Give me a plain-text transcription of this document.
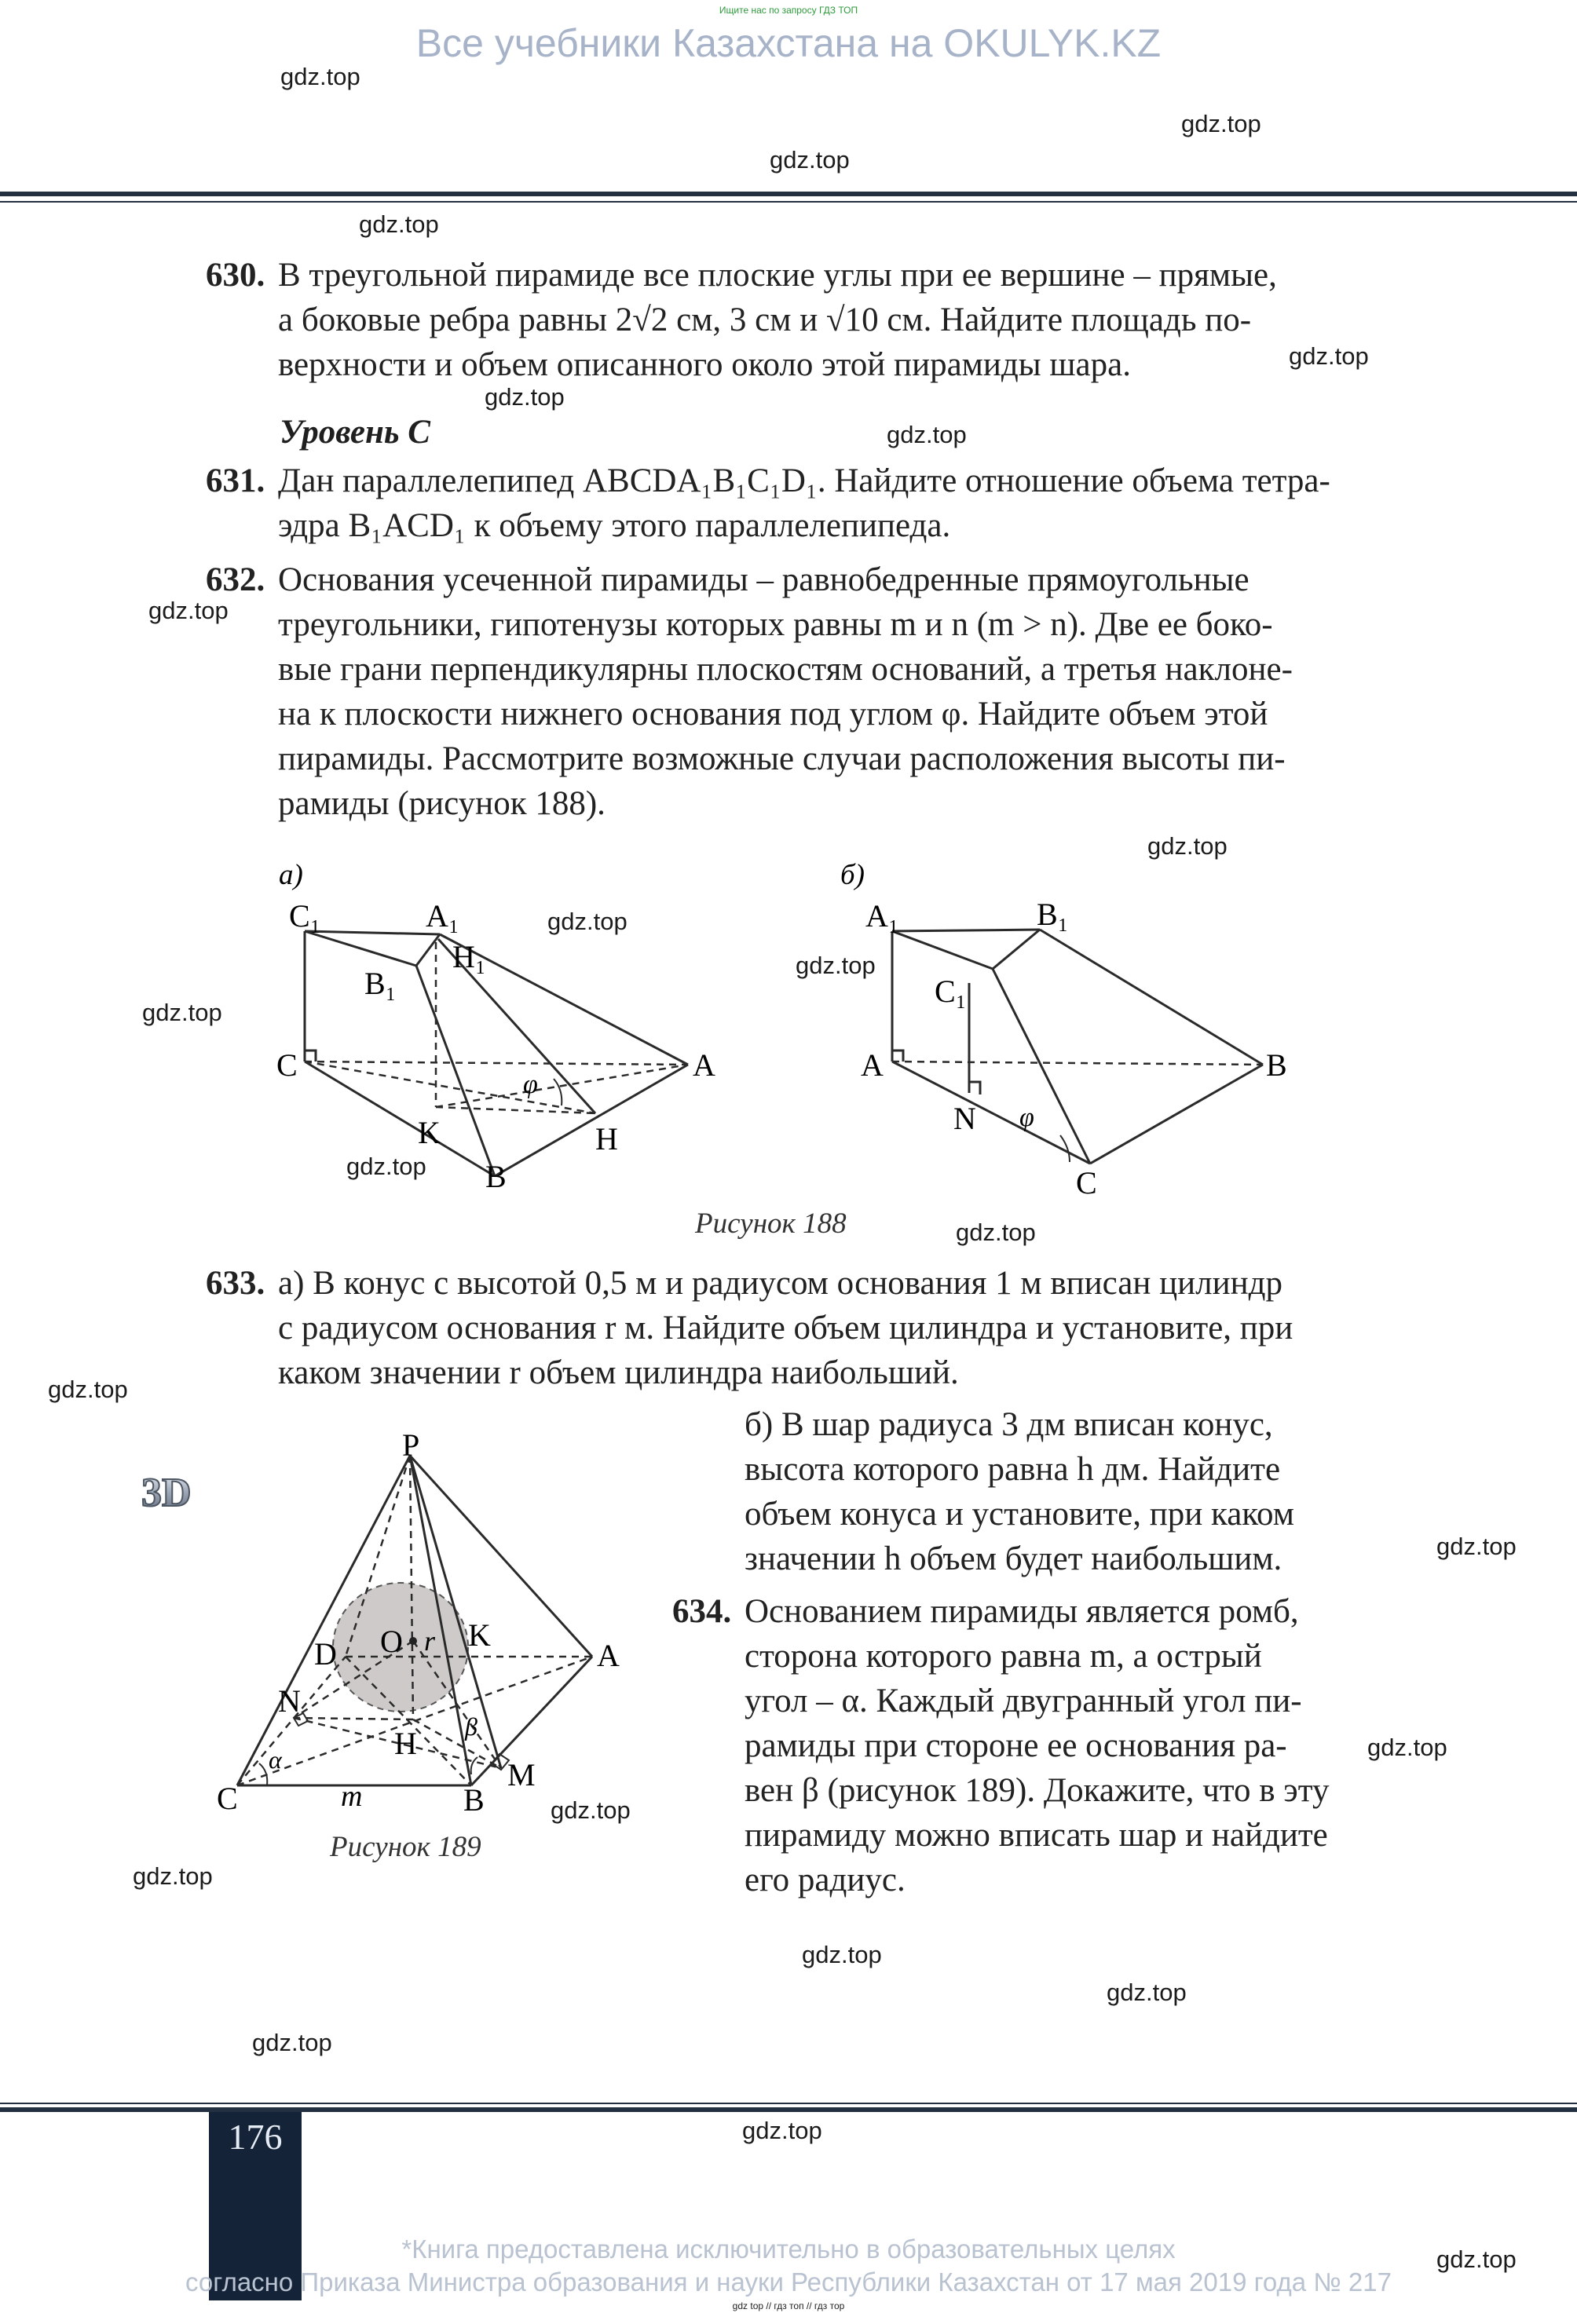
Ищите нас по запросу ГДЗ ТОП
Все учебники Казахстана на OKULYK.KZ
gdz.top
gdz.top
gdz.top
gdz.top
gdz.top
gdz.top
gdz.top
gdz.top
gdz.top
gdz.top
gdz.top
gdz.top
gdz.top
gdz.top
gdz.top
gdz.top
gdz.top
gdz.top
gdz.top
gdz.top
gdz.top
gdz.top
gdz.top
gdz.top
630. В треугольной пирамиде все плоские углы при ее вершине – прямые,
а боковые ребра равны 2√2 см, 3 см и √10 см. Найдите площадь по-
верхности и объем описанного около этой пирамиды шара.
Уровень С
631. Дан параллелепипед ABCDA₁B₁C₁D₁. Найдите отношение объема тетра-
эдра B₁ACD₁ к объему этого параллелепипеда.
632. Основания усеченной пирамиды – равнобедренные прямоугольные
треугольники, гипотенузы которых равны m и n (m > n). Две ее боко-
вые грани перпендикулярны плоскостям оснований, а третья наклоне-
на к плоскости нижнего основания под углом φ. Найдите объем этой
пирамиды. Рассмотрите возможные случаи расположения высоты пи-
рамиды (рисунок 188).
а)
C₁	A₁
B₁
H₁
C	A
K	H
B
φ
б)
A₁	B₁
C₁
A	B
N
C
φ
Рисунок 188
633. а) В конус с высотой 0,5 м и радиусом основания 1 м вписан цилиндр
с радиусом основания r м. Найдите объем цилиндра и установите, при
каком значении r объем цилиндра наибольший.
б) В шар радиуса 3 дм вписан конус,
высота которого равна h дм. Найдите
объем конуса и установите, при каком
значении h объем будет наибольшим.
634. Основанием пирамиды является ромб,
сторона которого равна m, а острый
угол – α. Каждый двугранный угол пи-
рамиды при стороне ее основания ра-
вен β (рисунок 189). Докажите, что в эту
пирамиду можно вписать шар и найдите
его радиус.
3D
P
D O r K
A
N
H
C	m	B
M
α
β
Рисунок 189
176
*Книга предоставлена исключительно в образовательных целях
согласно Приказа Министра образования и науки Республики Казахстан от 17 мая 2019 года № 217
gdz top // гдз топ // гдз тор
